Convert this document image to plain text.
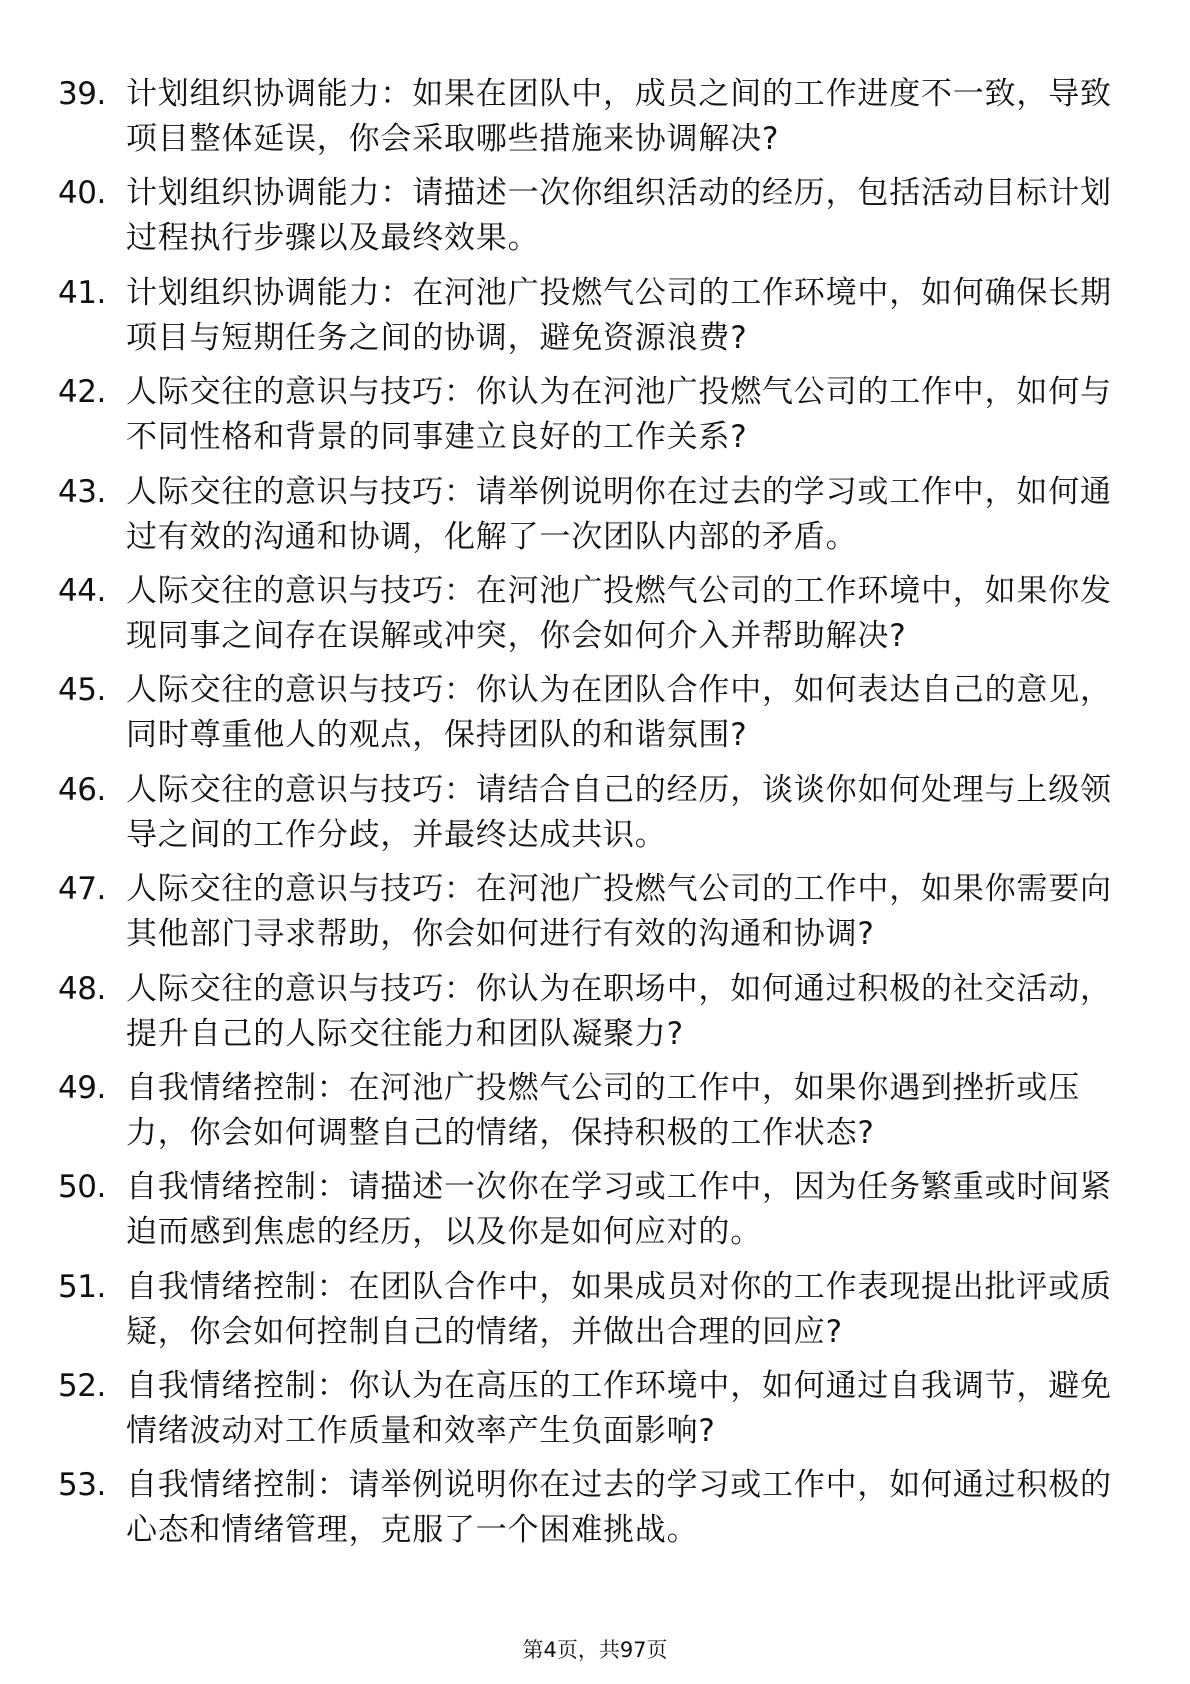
39. 计划组织协调能力：如果在团队中，成员之间的工作进度不一致，导致项目整体延误，你会采取哪些措施来协调解决?
40. 计划组织协调能力：请描述一次你组织活动的经历，包括活动目标计划过程执行步骤以及最终效果。
41. 计划组织协调能力：在河池广投燃气公司的工作环境中，如何确保长期项目与短期任务之间的协调，避免资源浪费?
42. 人际交往的意识与技巧：你认为在河池广投燃气公司的工作中，如何与不同性格和背景的同事建立良好的工作关系?
43. 人际交往的意识与技巧：请举例说明你在过去的学习或工作中，如何通过有效的沟通和协调，化解了一次团队内部的矛盾。
44. 人际交往的意识与技巧：在河池广投燃气公司的工作环境中，如果你发现同事之间存在误解或冲突，你会如何介入并帮助解决?
45. 人际交往的意识与技巧：你认为在团队合作中，如何表达自己的意见，同时尊重他人的观点，保持团队的和谐氛围?
46. 人际交往的意识与技巧：请结合自己的经历，谈谈你如何处理与上级领导之间的工作分歧，并最终达成共识。
47. 人际交往的意识与技巧：在河池广投燃气公司的工作中，如果你需要向其他部门寻求帮助，你会如何进行有效的沟通和协调?
48. 人际交往的意识与技巧：你认为在职场中，如何通过积极的社交活动，提升自己的人际交往能力和团队凝聚力?
49. 自我情绪控制：在河池广投燃气公司的工作中，如果你遇到挫折或压力，你会如何调整自己的情绪，保持积极的工作状态?
50. 自我情绪控制：请描述一次你在学习或工作中，因为任务繁重或时间紧迫而感到焦虑的经历，以及你是如何应对的。
51. 自我情绪控制：在团队合作中，如果成员对你的工作表现提出批评或质疑，你会如何控制自己的情绪，并做出合理的回应?
52. 自我情绪控制：你认为在高压的工作环境中，如何通过自我调节，避免情绪波动对工作质量和效率产生负面影响?
53. 自我情绪控制：请举例说明你在过去的学习或工作中，如何通过积极的心态和情绪管理，克服了一个困难挑战。
第4页，共97页
